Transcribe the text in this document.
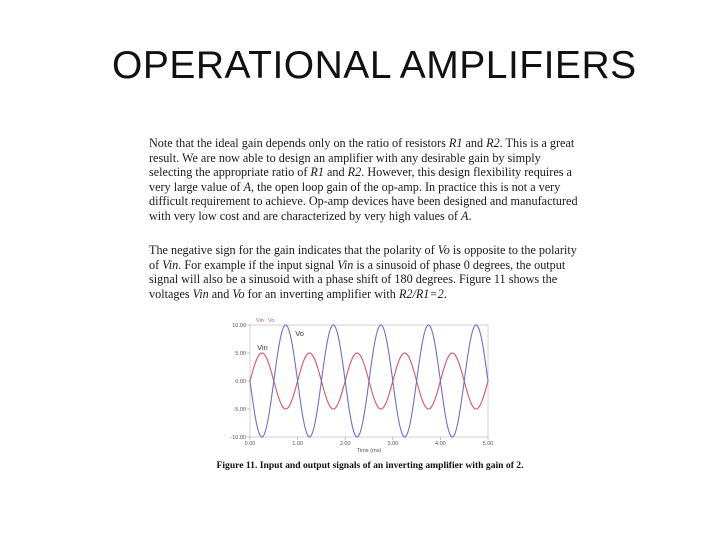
OPERATIONAL AMPLIFIERS

Note that the ideal gain depends only on the ratio of resistors R1 and R2. This is a great result. We are now able to design an amplifier with any desirable gain by simply selecting the appropriate ratio of R1 and R2. However, this design flexibility requires a very large value of A, the open loop gain of the op-amp. In practice this is not a very difficult requirement to achieve. Op-amp devices have been designed and manufactured with very low cost and are characterized by very high values of A.

The negative sign for the gain indicates that the polarity of Vo is opposite to the polarity of Vin. For example if the input signal Vin is a sinusoid of phase 0 degrees, the output signal will also be a sinusoid with a phase shift of 180 degrees. Figure 11 shows the voltages Vin and Vo for an inverting amplifier with R2/R1=2.

10.00
5.00
0.00
-5.00
-10.00
0.00	1.00	2.00	3.00	4.00	5.00
Time (ms)
Vin Vo
Vo
Vin
Figure 11. Input and output signals of an inverting amplifier with gain of 2.
